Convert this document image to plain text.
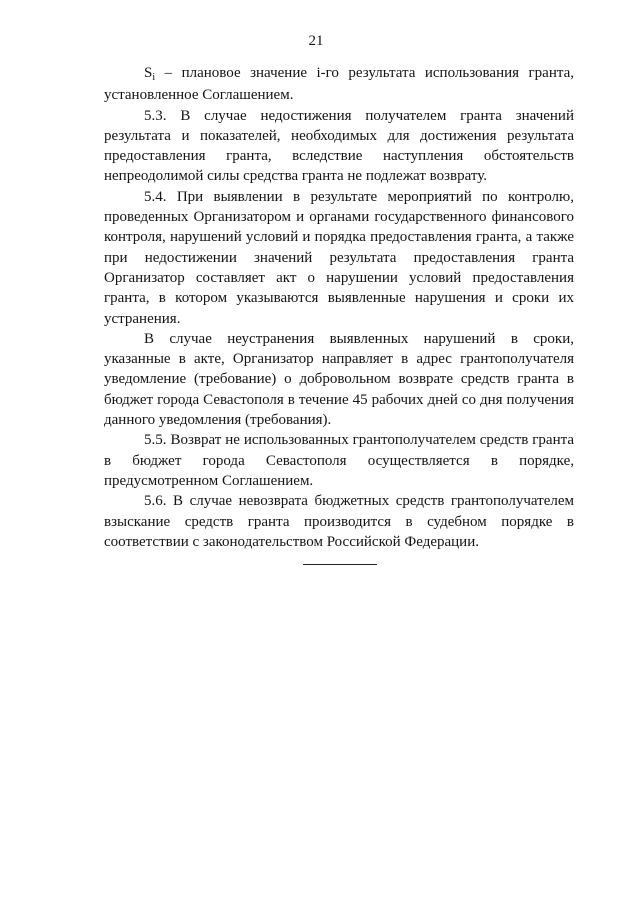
21

$S_i$ – плановое значение i-го результата использования гранта, установленное Соглашением.

5.3. В случае недостижения получателем гранта значений результата и показателей, необходимых для достижения результата предоставления гранта, вследствие наступления обстоятельств непреодолимой силы средства гранта не подлежат возврату.

5.4. При выявлении в результате мероприятий по контролю, проведенных Организатором и органами государственного финансового контроля, нарушений условий и порядка предоставления гранта, а также при недостижении значений результата предоставления гранта Организатор составляет акт о нарушении условий предоставления гранта, в котором указываются выявленные нарушения и сроки их устранения.

В случае неустранения выявленных нарушений в сроки, указанные в акте, Организатор направляет в адрес грантополучателя уведомление (требование) о добровольном возврате средств гранта в бюджет города Севастополя в течение 45 рабочих дней со дня получения данного уведомления (требования).

5.5. Возврат не использованных грантополучателем средств гранта в бюджет города Севастополя осуществляется в порядке, предусмотренном Соглашением.

5.6. В случае невозврата бюджетных средств грантополучателем взыскание средств гранта производится в судебном порядке в соответствии с законодательством Российской Федерации.
